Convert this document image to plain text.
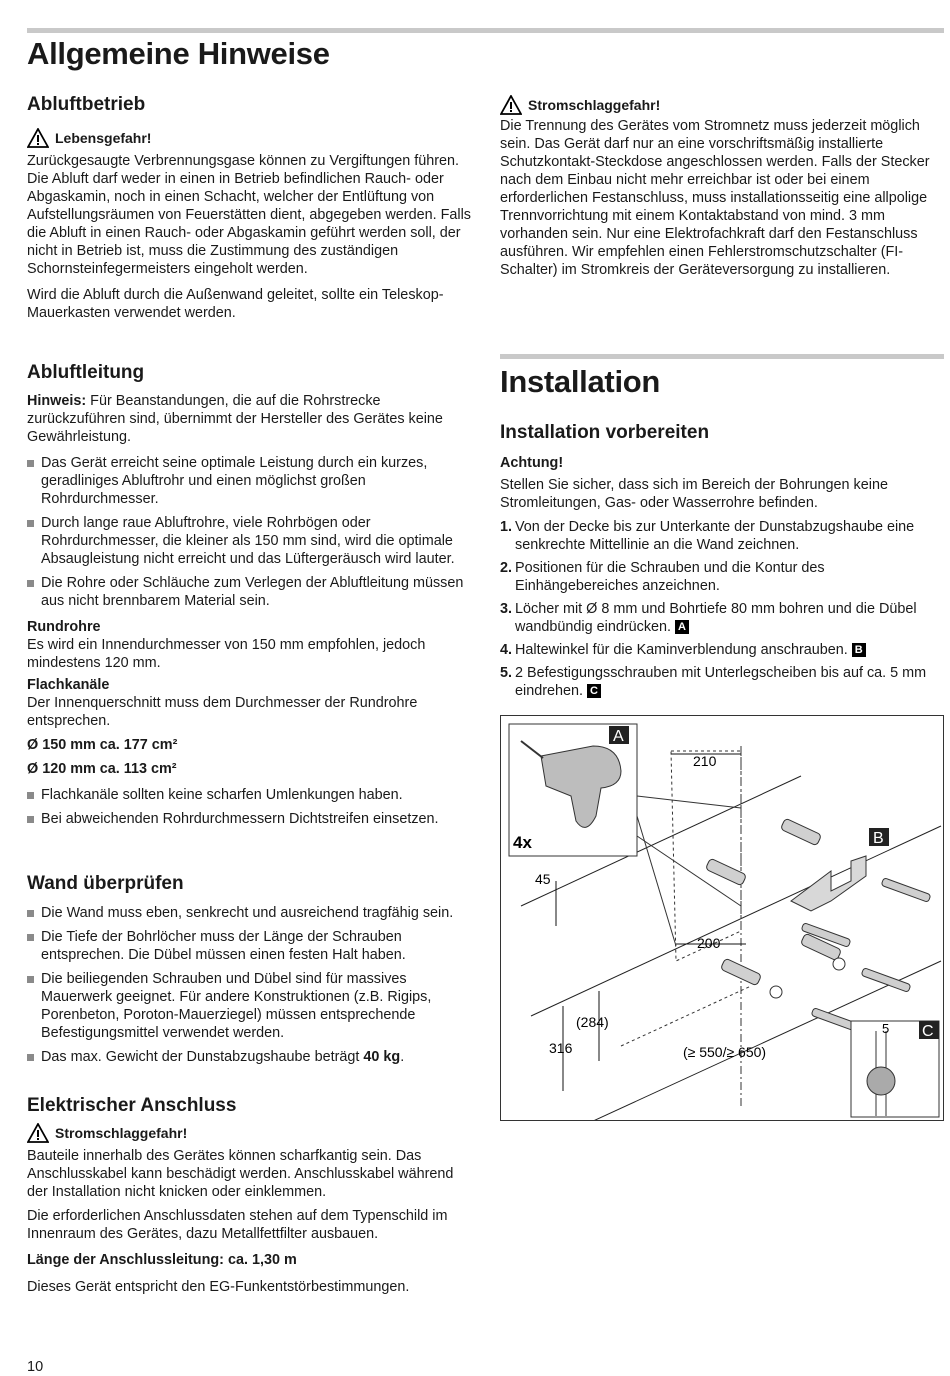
Allgemeine Hinweise
Abluftbetrieb
Lebensgefahr!

Zurückgesaugte Verbrennungsgase können zu Vergiftungen führen. Die Abluft darf weder in einen in Betrieb befindlichen Rauch- oder Abgaskamin, noch in einen Schacht, welcher der Entlüftung von Aufstellungsräumen von Feuerstätten dient, abgegeben werden. Falls die Abluft in einen Rauch- oder Abgaskamin geführt werden soll, der nicht in Betrieb ist, muss die Zustimmung des zuständigen Schornsteinfegermeisters eingeholt werden.

Wird die Abluft durch die Außenwand geleitet, sollte ein Teleskop-Mauerkasten verwendet werden.

Abluftleitung

Hinweis: Für Beanstandungen, die auf die Rohrstrecke zurückzuführen sind, übernimmt der Hersteller des Gerätes keine Gewährleistung.

Das Gerät erreicht seine optimale Leistung durch ein kurzes, geradliniges Abluftrohr und einen möglichst großen Rohrdurchmesser.

Durch lange raue Abluftrohre, viele Rohrbögen oder Rohrdurchmesser, die kleiner als 150 mm sind, wird die optimale Absaugleistung nicht erreicht und das Lüftergeräusch wird lauter.

Die Rohre oder Schläuche zum Verlegen der Abluftleitung müssen aus nicht brennbarem Material sein.

Rundrohre

Es wird ein Innendurchmesser von 150 mm empfohlen, jedoch mindestens 120 mm.

Flachkanäle

Der Innenquerschnitt muss dem Durchmesser der Rundrohre entsprechen.

Ø 150 mm ca. 177 cm²

Ø 120 mm ca. 113 cm²

Flachkanäle sollten keine scharfen Umlenkungen haben.

Bei abweichenden Rohrdurchmessern Dichtstreifen einsetzen.

Wand überprüfen

Die Wand muss eben, senkrecht und ausreichend tragfähig sein.

Die Tiefe der Bohrlöcher muss der Länge der Schrauben entsprechen. Die Dübel müssen einen festen Halt haben.

Die beiliegenden Schrauben und Dübel sind für massives Mauerwerk geeignet. Für andere Konstruktionen (z.B. Rigips, Porenbeton, Poroton-Mauerziegel) müssen entsprechende Befestigungsmittel verwendet werden.

Das max. Gewicht der Dunstabzugshaube beträgt 40 kg.

Elektrischer Anschluss
Stromschlaggefahr!

Bauteile innerhalb des Gerätes können scharfkantig sein. Das Anschlusskabel kann beschädigt werden. Anschlusskabel während der Installation nicht knicken oder einklemmen.

Die erforderlichen Anschlussdaten stehen auf dem Typenschild im Innenraum des Gerätes, dazu Metallfettfilter ausbauen.

Länge der Anschlussleitung: ca. 1,30 m

Dieses Gerät entspricht den EG-Funkentstörbestimmungen.

Stromschlaggefahr!

Die Trennung des Gerätes vom Stromnetz muss jederzeit möglich sein. Das Gerät darf nur an eine vorschriftsmäßig installierte Schutzkontakt-Steckdose angeschlossen werden. Falls der Stecker nach dem Einbau nicht mehr erreichbar ist oder bei einem erforderlichen Festanschluss, muss installationsseitig eine allpolige Trennvorrichtung mit einem Kontaktabstand von mind. 3 mm vorhanden sein. Nur eine Elektrofachkraft darf den Festanschluss ausführen. Wir empfehlen einen Fehlerstromschutzschalter (FI-Schalter) im Stromkreis der Geräteversorgung zu installieren.

Installation
Installation vorbereiten

Achtung!

Stellen Sie sicher, dass sich im Bereich der Bohrungen keine Stromleitungen, Gas- oder Wasserrohre befinden.

1. Von der Decke bis zur Unterkante der Dunstabzugshaube eine senkrechte Mittellinie an die Wand zeichnen.

2. Positionen für die Schrauben und die Kontur des Einhängebereiches anzeichnen.

3. Löcher mit Ø 8 mm und Bohrtiefe 80 mm bohren und die Dübel wandbündig eindrücken. A

4. Haltewinkel für die Kaminverblendung anschrauben. B

5. 2 Befestigungsschrauben mit Unterlegscheiben bis auf ca. 5 mm eindrehen. C

210
200
45
316
(284)
(≥ 550/≥ 650)
A
4x	B
5 C
10
